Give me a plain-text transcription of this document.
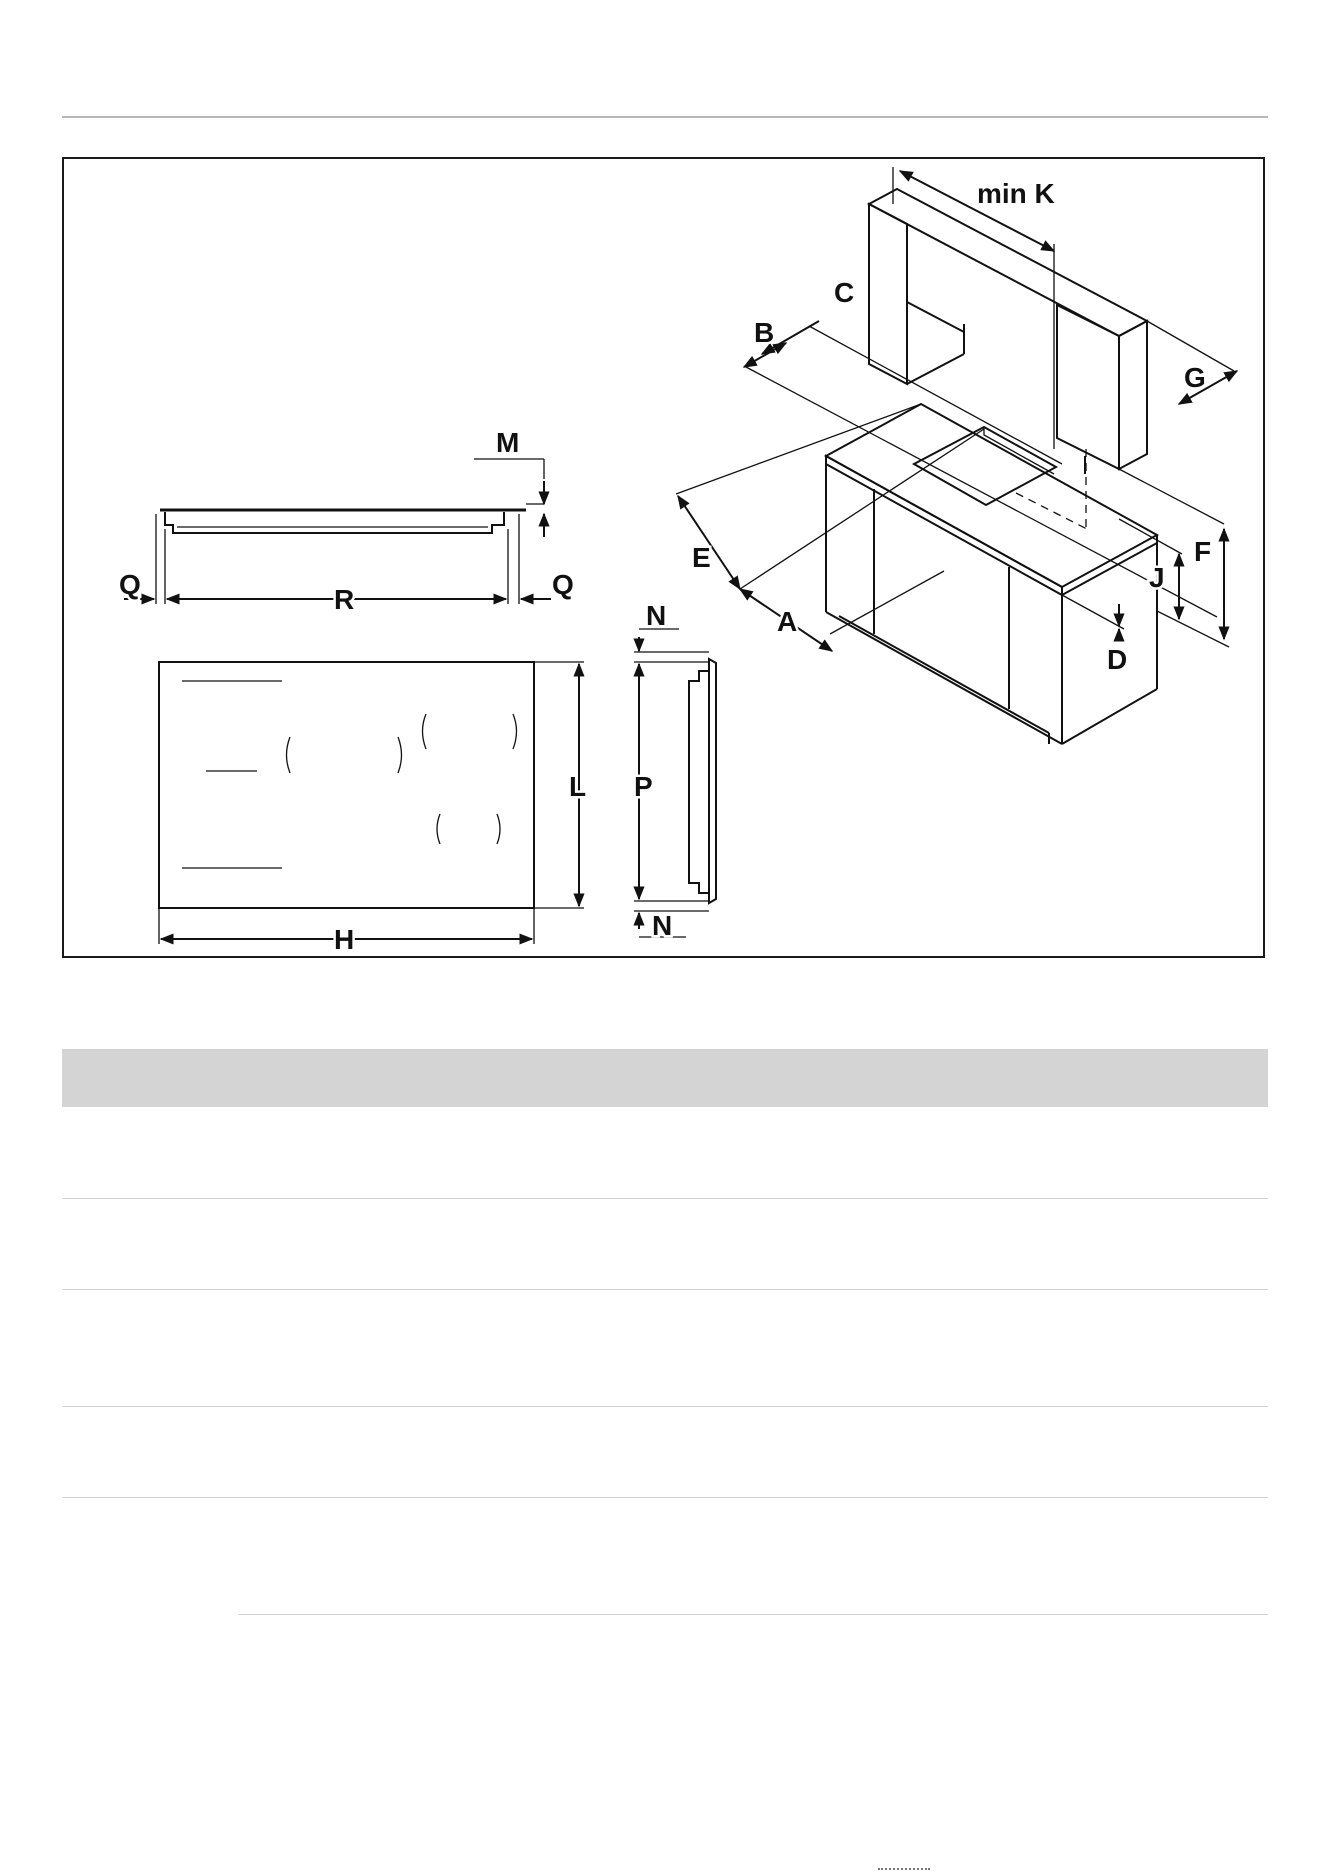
min K
C
B
G
F
J
E
A
D
M
Q	R	Q
L
H
N
P
N
